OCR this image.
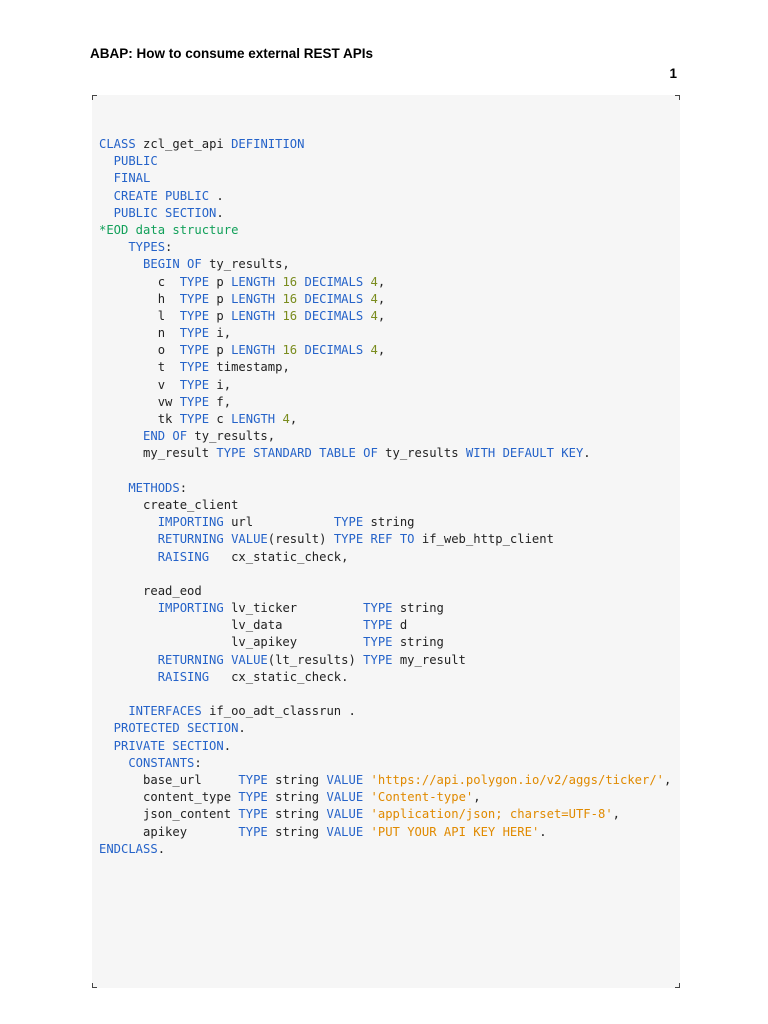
ABAP: How to consume external REST APIs
1
CLASS zcl_get_api DEFINITION
PUBLIC
FINAL
CREATE PUBLIC .
PUBLIC SECTION.
*EOD data structure
TYPES:
BEGIN OF ty_results,
c  TYPE p LENGTH 16 DECIMALS 4,
h  TYPE p LENGTH 16 DECIMALS 4,
l  TYPE p LENGTH 16 DECIMALS 4,
n  TYPE i,
o  TYPE p LENGTH 16 DECIMALS 4,
t  TYPE timestamp,
v  TYPE i,
vw TYPE f,
tk TYPE c LENGTH 4,
END OF ty_results,
my_result TYPE STANDARD TABLE OF ty_results WITH DEFAULT KEY.
METHODS:
create_client
IMPORTING url           TYPE string
RETURNING VALUE(result) TYPE REF TO if_web_http_client
RAISING   cx_static_check,
read_eod
IMPORTING lv_ticker         TYPE string
lv_data           TYPE d
lv_apikey         TYPE string
RETURNING VALUE(lt_results) TYPE my_result
RAISING   cx_static_check.
INTERFACES if_oo_adt_classrun .
PROTECTED SECTION.
PRIVATE SECTION.
CONSTANTS:
base_url     TYPE string VALUE 'https://api.polygon.io/v2/aggs/ticker/',
content_type TYPE string VALUE 'Content-type',
json_content TYPE string VALUE 'application/json; charset=UTF-8',
apikey       TYPE string VALUE 'PUT YOUR API KEY HERE'.
ENDCLASS.
